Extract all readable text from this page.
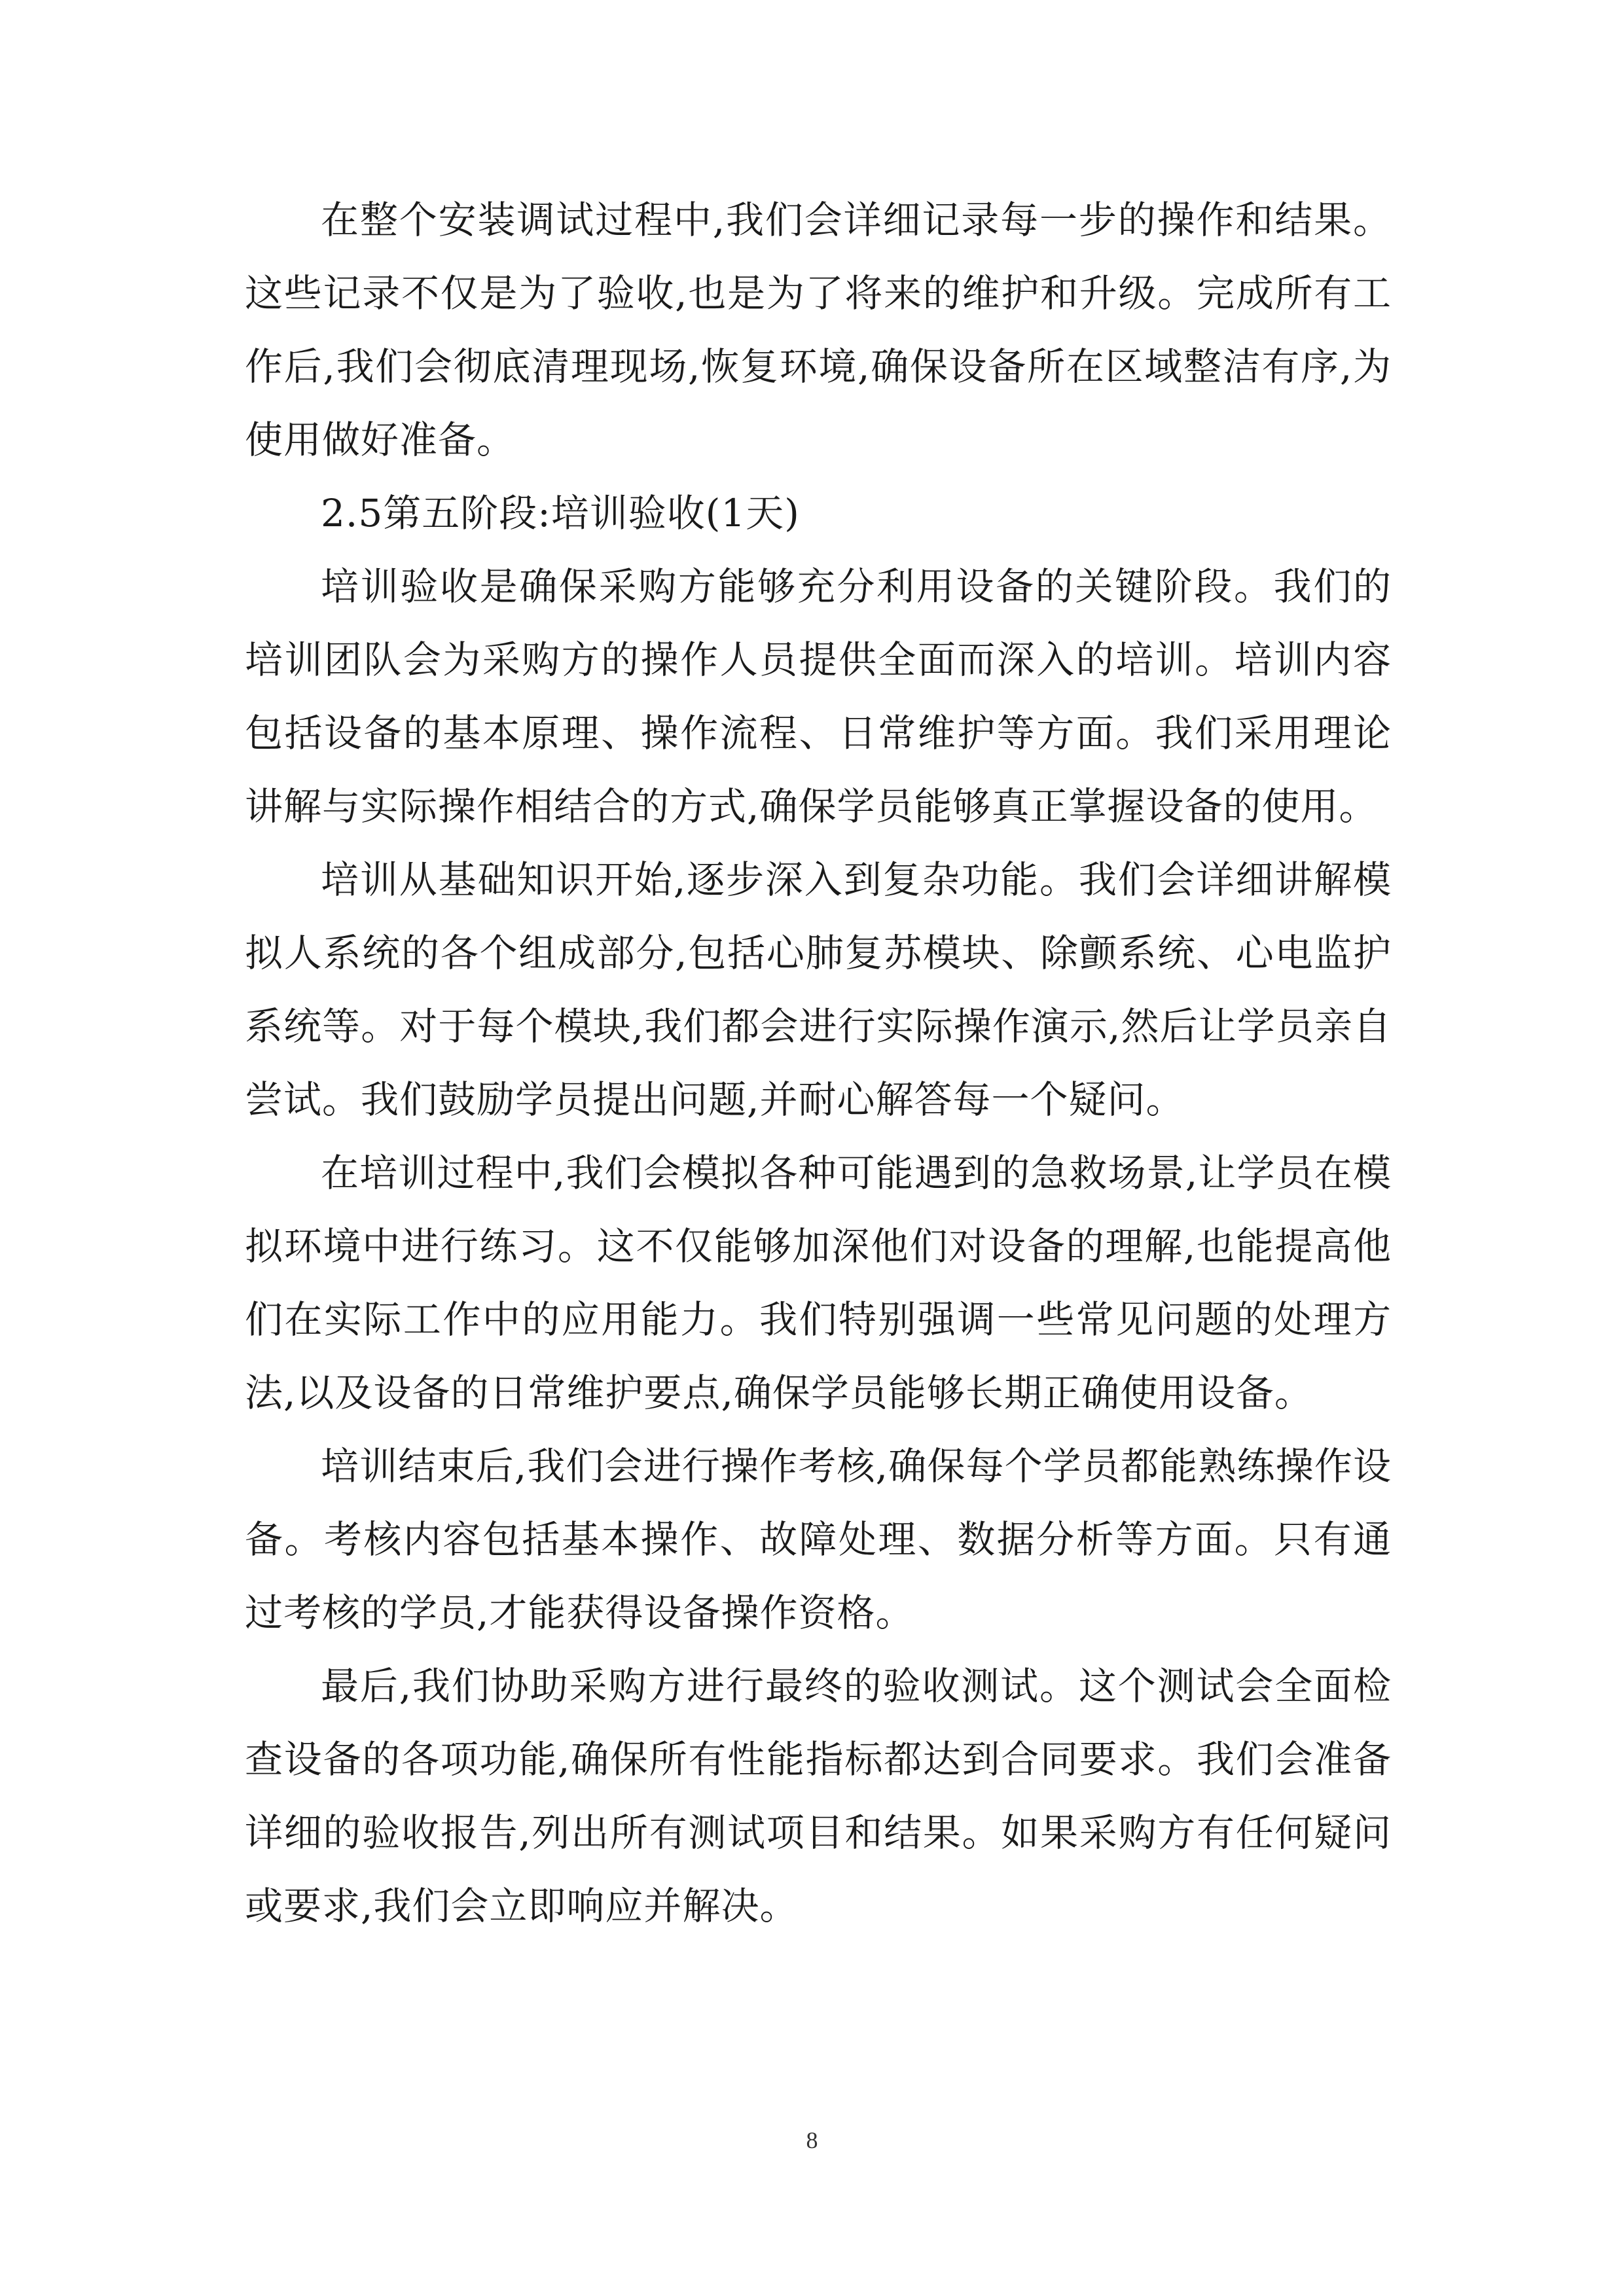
在整个安装调试过程中,我们会详细记录每一步的操作和结果。这些记录不仅是为了验收,也是为了将来的维护和升级。完成所有工作后,我们会彻底清理现场,恢复环境,确保设备所在区域整洁有序,为使用做好准备。

2.5第五阶段:培训验收(1天)

培训验收是确保采购方能够充分利用设备的关键阶段。我们的培训团队会为采购方的操作人员提供全面而深入的培训。培训内容包括设备的基本原理、操作流程、日常维护等方面。我们采用理论讲解与实际操作相结合的方式,确保学员能够真正掌握设备的使用。

培训从基础知识开始,逐步深入到复杂功能。我们会详细讲解模拟人系统的各个组成部分,包括心肺复苏模块、除颤系统、心电监护系统等。对于每个模块,我们都会进行实际操作演示,然后让学员亲自尝试。我们鼓励学员提出问题,并耐心解答每一个疑问。

在培训过程中,我们会模拟各种可能遇到的急救场景,让学员在模拟环境中进行练习。这不仅能够加深他们对设备的理解,也能提高他们在实际工作中的应用能力。我们特别强调一些常见问题的处理方法,以及设备的日常维护要点,确保学员能够长期正确使用设备。

培训结束后,我们会进行操作考核,确保每个学员都能熟练操作设备。考核内容包括基本操作、故障处理、数据分析等方面。只有通过考核的学员,才能获得设备操作资格。

最后,我们协助采购方进行最终的验收测试。这个测试会全面检查设备的各项功能,确保所有性能指标都达到合同要求。我们会准备详细的验收报告,列出所有测试项目和结果。如果采购方有任何疑问或要求,我们会立即响应并解决。

8
